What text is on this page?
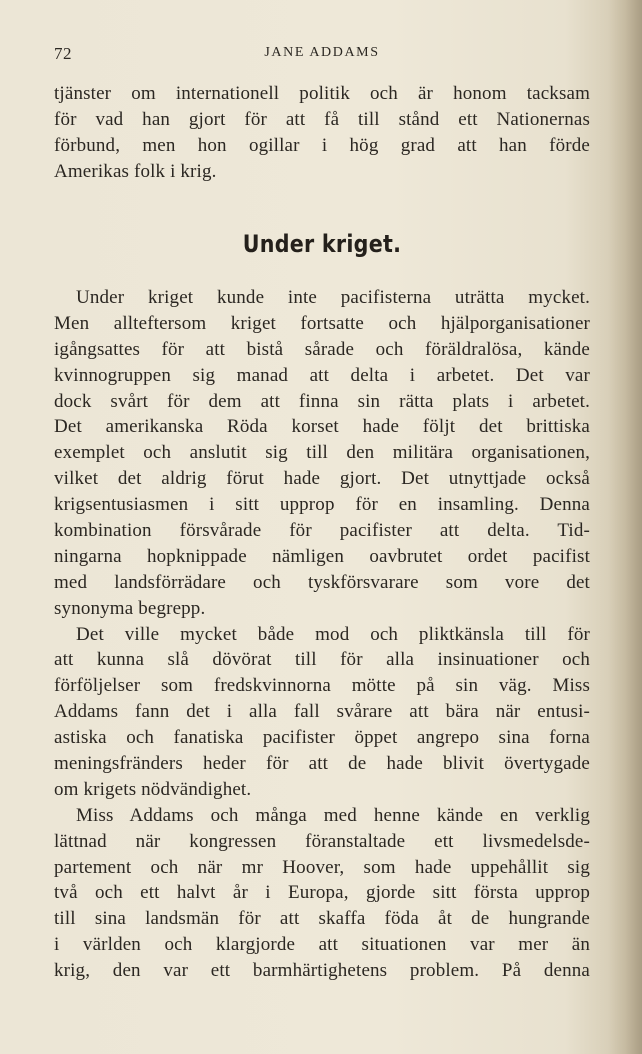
72	JANE ADDAMS
tjänster om internationell politik och är honom tacksam
för vad han gjort för att få till stånd ett Nationernas
förbund, men hon ogillar i hög grad att han förde
Amerikas folk i krig.
Under kriget.
Under kriget kunde inte pacifisterna uträtta mycket.
Men allteftersom kriget fortsatte och hjälporganisationer
igångsattes för att bistå sårade och föräldralösa, kände
kvinnogruppen sig manad att delta i arbetet. Det var
dock svårt för dem att finna sin rätta plats i arbetet.
Det amerikanska Röda korset hade följt det brittiska
exemplet och anslutit sig till den militära organisationen,
vilket det aldrig förut hade gjort. Det utnyttjade också
krigsentusiasmen i sitt upprop för en insamling. Denna
kombination försvårade för pacifister att delta. Tid-
ningarna hopknippade nämligen oavbrutet ordet pacifist
med landsförrädare och tyskförsvarare som vore det
synonyma begrepp.
Det ville mycket både mod och pliktkänsla till för
att kunna slå dövörat till för alla insinuationer och
förföljelser som fredskvinnorna mötte på sin väg. Miss
Addams fann det i alla fall svårare att bära när entusi-
astiska och fanatiska pacifister öppet angrepo sina forna
meningsfränders heder för att de hade blivit övertygade
om krigets nödvändighet.
Miss Addams och många med henne kände en verklig
lättnad när kongressen föranstaltade ett livsmedelsde-
partement och när mr Hoover, som hade uppehållit sig
två och ett halvt år i Europa, gjorde sitt första upprop
till sina landsmän för att skaffa föda åt de hungrande
i världen och klargjorde att situationen var mer än
krig, den var ett barmhärtighetens problem. På denna
